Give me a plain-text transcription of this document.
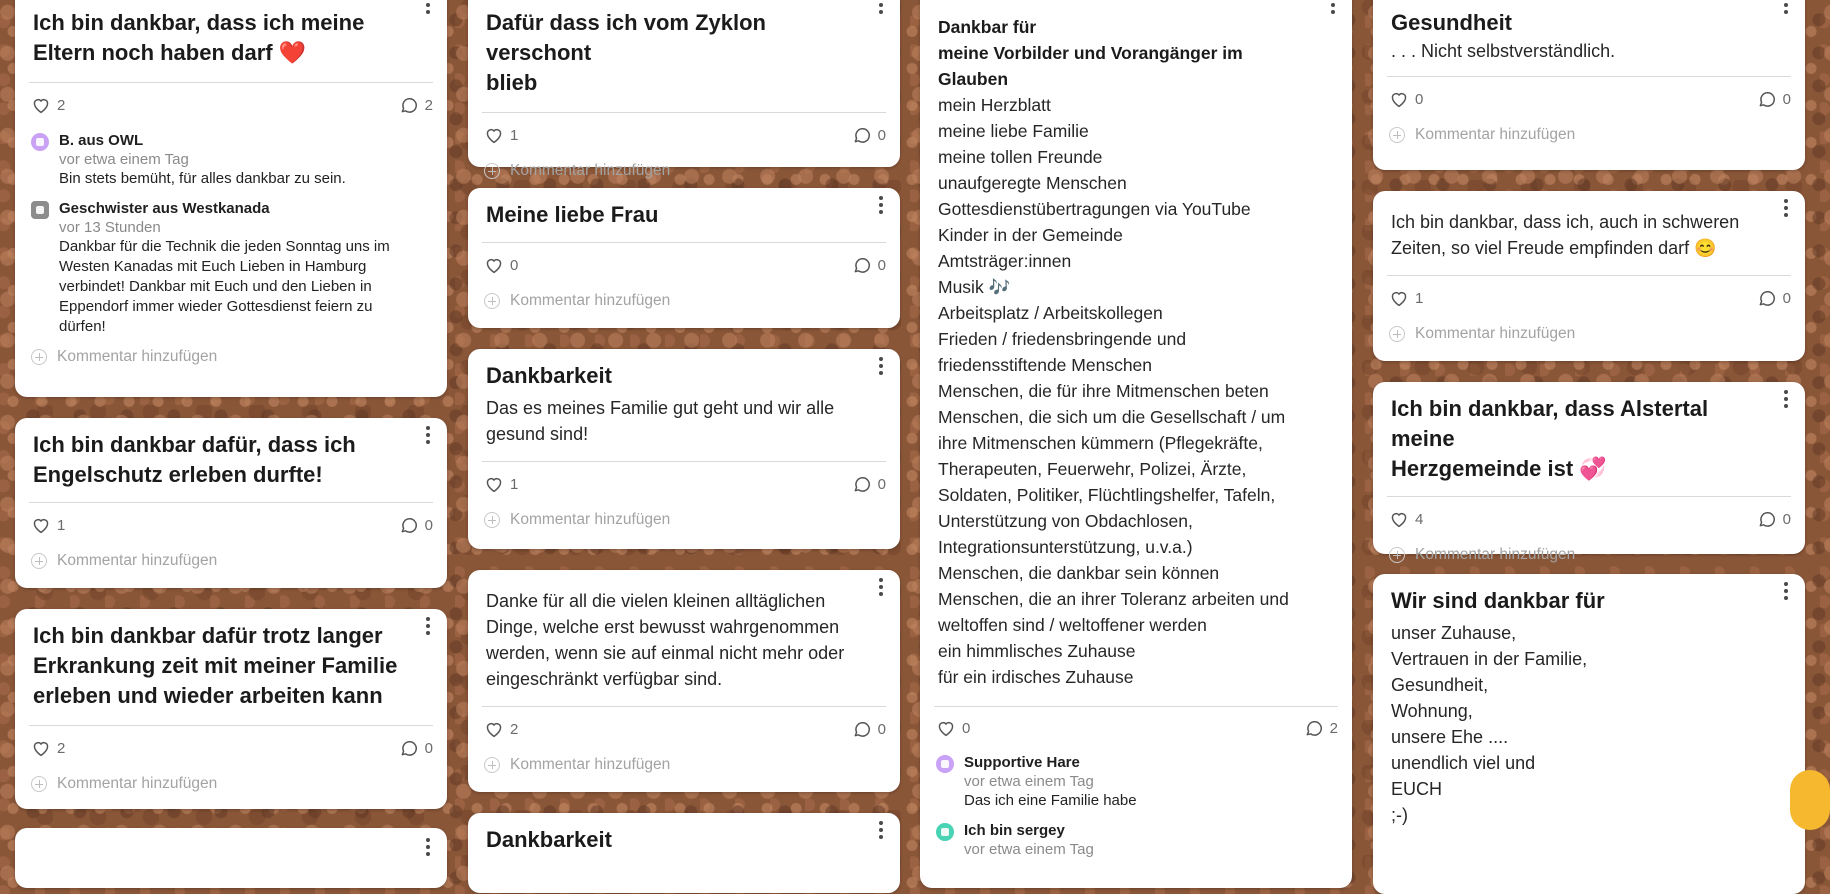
Ich bin dankbar, dass ich meine
Eltern noch haben darf ❤️
2	2
B. aus OWL
vor etwa einem Tag
Bin stets bemüht, für alles dankbar zu sein.
Geschwister aus Westkanada
vor 13 Stunden
Dankbar für die Technik die jeden Sonntag uns im
Westen Kanadas mit Euch Lieben in Hamburg
verbindet! Dankbar mit Euch und den Lieben in
Eppendorf immer wieder Gottesdienst feiern zu
dürfen!
Kommentar hinzufügen
Ich bin dankbar dafür, dass ich
Engelschutz erleben durfte!
1	0
Kommentar hinzufügen
Ich bin dankbar dafür trotz langer
Erkrankung zeit mit meiner Familie
erleben und wieder arbeiten kann
2	0
Kommentar hinzufügen
Dafür dass ich vom Zyklon verschont
blieb
1	0
Kommentar hinzufügen
Meine liebe Frau
0	0
Kommentar hinzufügen
Dankbarkeit
Das es meines Familie gut geht und wir alle
gesund sind!
1	0
Kommentar hinzufügen
Danke für all die vielen kleinen alltäglichen
Dinge, welche erst bewusst wahrgenommen
werden, wenn sie auf einmal nicht mehr oder
eingeschränkt verfügbar sind.
2	0
Kommentar hinzufügen
Dankbarkeit
Dankbar für
meine Vorbilder und Vorangänger im Glauben
mein Herzblatt
meine liebe Familie
meine tollen Freunde
unaufgeregte Menschen
Gottesdienstübertragungen via YouTube
Kinder in der Gemeinde
Amtsträger:innen
Musik 🎶
Arbeitsplatz / Arbeitskollegen
Frieden / friedensbringende und
friedensstiftende Menschen
Menschen, die für ihre Mitmenschen beten
Menschen, die sich um die Gesellschaft / um
ihre Mitmenschen kümmern (Pflegekräfte,
Therapeuten, Feuerwehr, Polizei, Ärzte,
Soldaten, Politiker, Flüchtlingshelfer, Tafeln,
Unterstützung von Obdachlosen,
Integrationsunterstützung, u.v.a.)
Menschen, die dankbar sein können
Menschen, die an ihrer Toleranz arbeiten und
weltoffen sind / weltoffener werden
ein himmlisches Zuhause
für ein irdisches Zuhause
0	2
Supportive Hare
vor etwa einem Tag
Das ich eine Familie habe
Ich bin sergey
vor etwa einem Tag
Gesundheit
. . . Nicht selbstverständlich.
0	0
Kommentar hinzufügen
Ich bin dankbar, dass ich, auch in schweren
Zeiten, so viel Freude empfinden darf 😊
1	0
Kommentar hinzufügen
Ich bin dankbar, dass Alstertal meine
Herzgemeinde ist 💞
4	0
Kommentar hinzufügen
Wir sind dankbar für
unser Zuhause,
Vertrauen in der Familie,
Gesundheit,
Wohnung,
unsere Ehe ....
unendlich viel und
EUCH
;-)
